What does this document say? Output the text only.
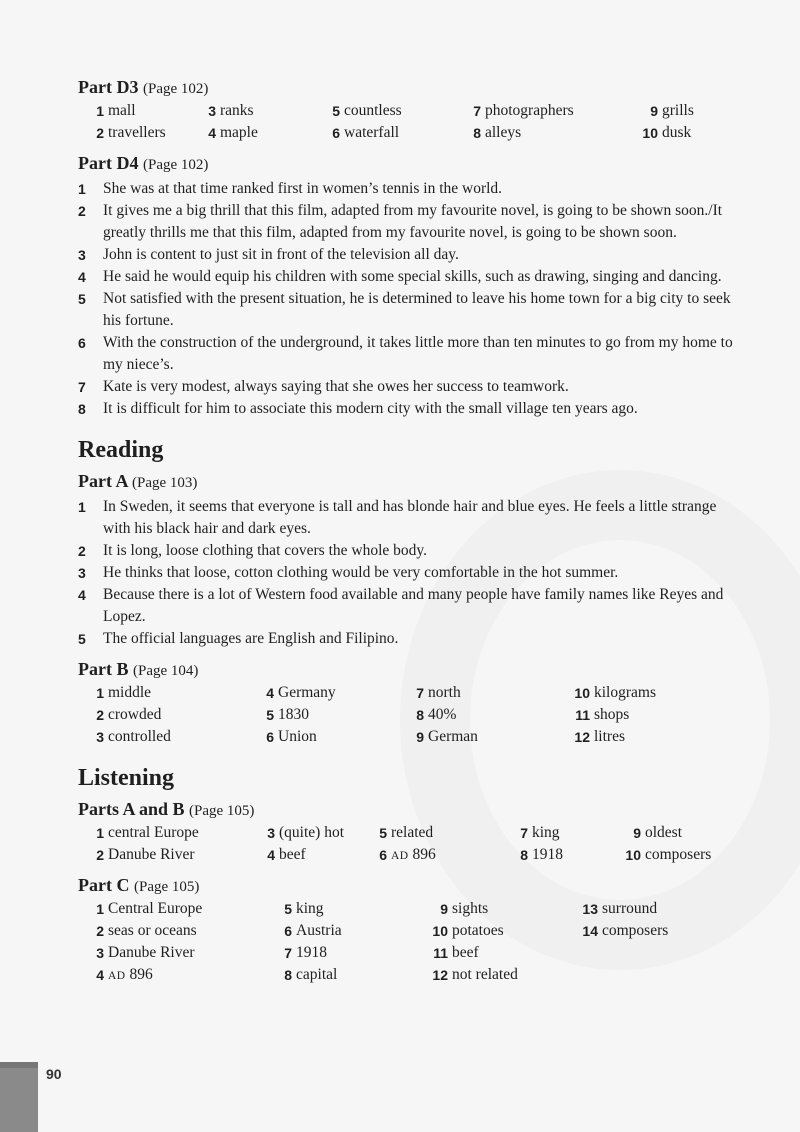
Part D3 (Page 102)
1 mall	3 ranks	5 countless	7 photographers	9 grills
2 travellers	4 maple	6 waterfall	8 alleys	10 dusk
Part D4 (Page 102)
1 She was at that time ranked first in women’s tennis in the world.
2 It gives me a big thrill that this film, adapted from my favourite novel, is going to be shown soon./It greatly thrills me that this film, adapted from my favourite novel, is going to be shown soon.
3 John is content to just sit in front of the television all day.
4 He said he would equip his children with some special skills, such as drawing, singing and dancing.
5 Not satisfied with the present situation, he is determined to leave his home town for a big city to seek his fortune.
6 With the construction of the underground, it takes little more than ten minutes to go from my home to my niece’s.
7 Kate is very modest, always saying that she owes her success to teamwork.
8 It is difficult for him to associate this modern city with the small village ten years ago.
Reading
Part A (Page 103)
1 In Sweden, it seems that everyone is tall and has blonde hair and blue eyes. He feels a little strange with his black hair and dark eyes.
2 It is long, loose clothing that covers the whole body.
3 He thinks that loose, cotton clothing would be very comfortable in the hot summer.
4 Because there is a lot of Western food available and many people have family names like Reyes and Lopez.
5 The official languages are English and Filipino.
Part B (Page 104)
1 middle	4 Germany	7 north	10 kilograms
2 crowded	5 1830	8 40%	11 shops
3 controlled	6 Union	9 German	12 litres
Listening
Parts A and B (Page 105)
1 central Europe	3 (quite) hot	5 related	7 king	9 oldest
2 Danube River	4 beef	6 AD 896	8 1918	10 composers
Part C (Page 105)
1 Central Europe	5 king	9 sights	13 surround
2 seas or oceans	6 Austria	10 potatoes	14 composers
3 Danube River	7 1918	11 beef
4 AD 896	8 capital	12 not related
90
